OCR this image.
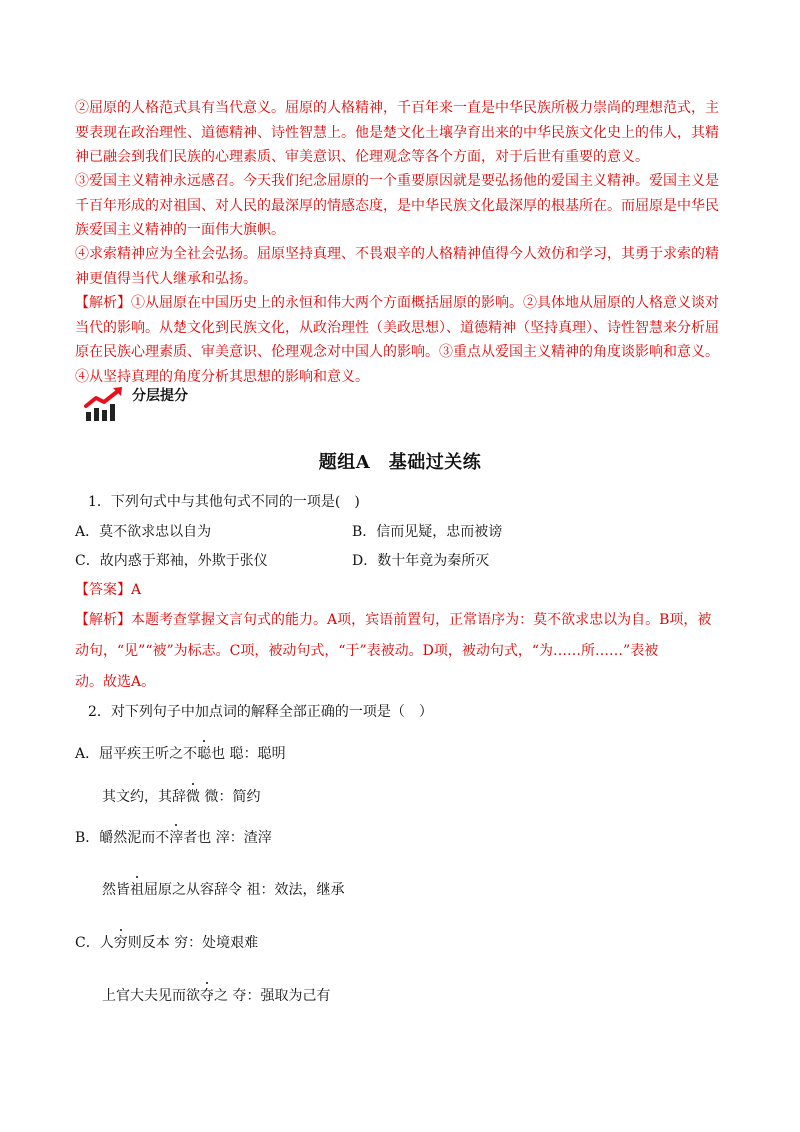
②屈原的人格范式具有当代意义。屈原的人格精神，千百年来一直是中华民族所极力崇尚的理想范式，主要表现在政治理性、道德精神、诗性智慧上。他是楚文化土壤孕育出来的中华民族文化史上的伟人，其精神已融会到我们民族的心理素质、审美意识、伦理观念等各个方面，对于后世有重要的意义。

③爱国主义精神永远感召。今天我们纪念屈原的一个重要原因就是要弘扬他的爱国主义精神。爱国主义是千百年形成的对祖国、对人民的最深厚的情感态度，是中华民族文化最深厚的根基所在。而屈原是中华民族爱国主义精神的一面伟大旗帜。

④求索精神应为全社会弘扬。屈原坚持真理、不畏艰辛的人格精神值得今人效仿和学习，其勇于求索的精神更值得当代人继承和弘扬。

【解析】①从屈原在中国历史上的永恒和伟大两个方面概括屈原的影响。②具体地从屈原的人格意义谈对当代的影响。从楚文化到民族文化，从政治理性（美政思想）、道德精神（坚持真理）、诗性智慧来分析屈原在民族心理素质、审美意识、伦理观念对中国人的影响。③重点从爱国主义精神的角度谈影响和意义。④从坚持真理的角度分析其思想的影响和意义。

分层提分
题组A　基础过关练

1．下列句式中与其他句式不同的一项是(　)

A．莫不欲求忠以自为	B．信而见疑，忠而被谤

C．故内惑于郑袖，外欺于张仪	D．数十年竟为秦所灭

【答案】A

【解析】本题考查掌握文言句式的能力。A项，宾语前置句，正常语序为：莫不欲求忠以为自。B项，被

动句，“见”“被”为标志。C项，被动句式，“于”表被动。D项，被动句式，“为……所……”表被

动。故选A。

2．对下列句子中加点词的解释全部正确的一项是（　）

A．屈平疾王听之不聪也 聪：聪明

其文约，其辞微 微：简约

B．皭然泥而不滓者也 滓：渣滓

然皆祖屈原之从容辞令 祖：效法，继承

C．人穷则反本 穷：处境艰难

上官大夫见而欲夺之 夺：强取为己有
